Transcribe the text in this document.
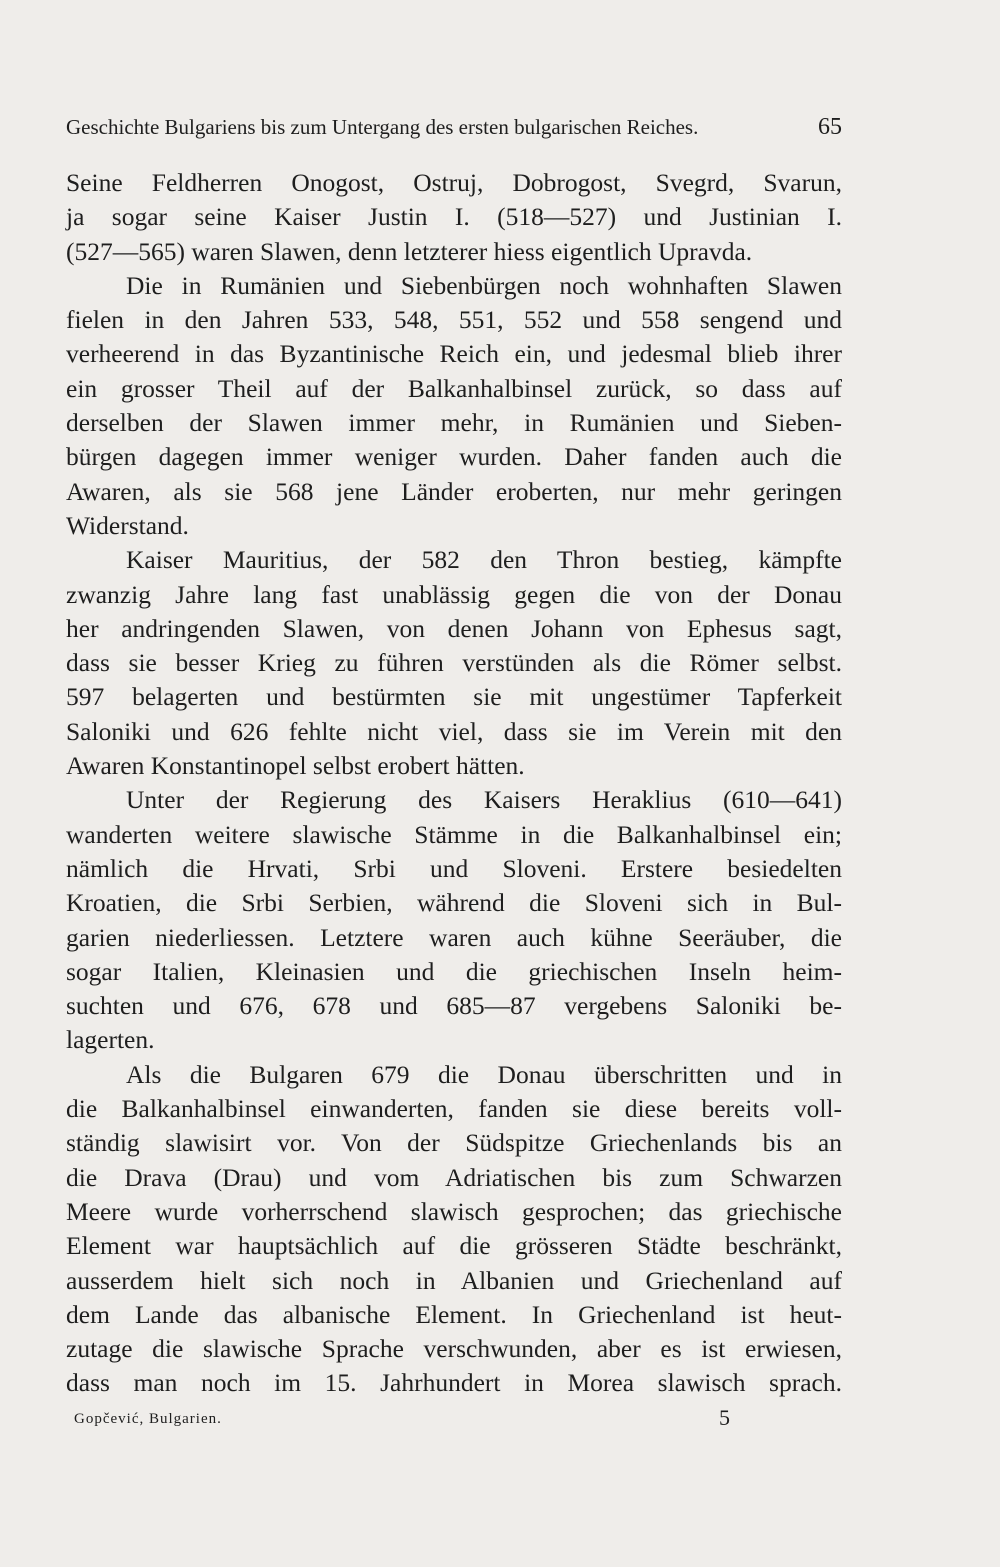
Geschichte Bulgariens bis zum Untergang des ersten bulgarischen Reiches.	65
Seine Feldherren Onogost, Ostruj, Dobrogost, Svegrd, Svarun,
ja sogar seine Kaiser Justin I. (518—527) und Justinian I.
(527—565) waren Slawen, denn letzterer hiess eigentlich Upravda.
Die in Rumänien und Siebenbürgen noch wohnhaften Slawen
fielen in den Jahren 533, 548, 551, 552 und 558 sengend und
verheerend in das Byzantinische Reich ein, und jedesmal blieb ihrer
ein grosser Theil auf der Balkanhalbinsel zurück, so dass auf
derselben der Slawen immer mehr, in Rumänien und Sieben-
bürgen dagegen immer weniger wurden. Daher fanden auch die
Awaren, als sie 568 jene Länder eroberten, nur mehr geringen
Widerstand.
Kaiser Mauritius, der 582 den Thron bestieg, kämpfte
zwanzig Jahre lang fast unablässig gegen die von der Donau
her andringenden Slawen, von denen Johann von Ephesus sagt,
dass sie besser Krieg zu führen verstünden als die Römer selbst.
597 belagerten und bestürmten sie mit ungestümer Tapferkeit
Saloniki und 626 fehlte nicht viel, dass sie im Verein mit den
Awaren Konstantinopel selbst erobert hätten.
Unter der Regierung des Kaisers Heraklius (610—641)
wanderten weitere slawische Stämme in die Balkanhalbinsel ein;
nämlich die Hrvati, Srbi und Sloveni. Erstere besiedelten
Kroatien, die Srbi Serbien, während die Sloveni sich in Bul-
garien niederliessen. Letztere waren auch kühne Seeräuber, die
sogar Italien, Kleinasien und die griechischen Inseln heim-
suchten und 676, 678 und 685—87 vergebens Saloniki be-
lagerten.
Als die Bulgaren 679 die Donau überschritten und in
die Balkanhalbinsel einwanderten, fanden sie diese bereits voll-
ständig slawisirt vor. Von der Südspitze Griechenlands bis an
die Drava (Drau) und vom Adriatischen bis zum Schwarzen
Meere wurde vorherrschend slawisch gesprochen; das griechische
Element war hauptsächlich auf die grösseren Städte beschränkt,
ausserdem hielt sich noch in Albanien und Griechenland auf
dem Lande das albanische Element. In Griechenland ist heut-
zutage die slawische Sprache verschwunden, aber es ist erwiesen,
dass man noch im 15. Jahrhundert in Morea slawisch sprach.
Gopčević, Bulgarien.	5
